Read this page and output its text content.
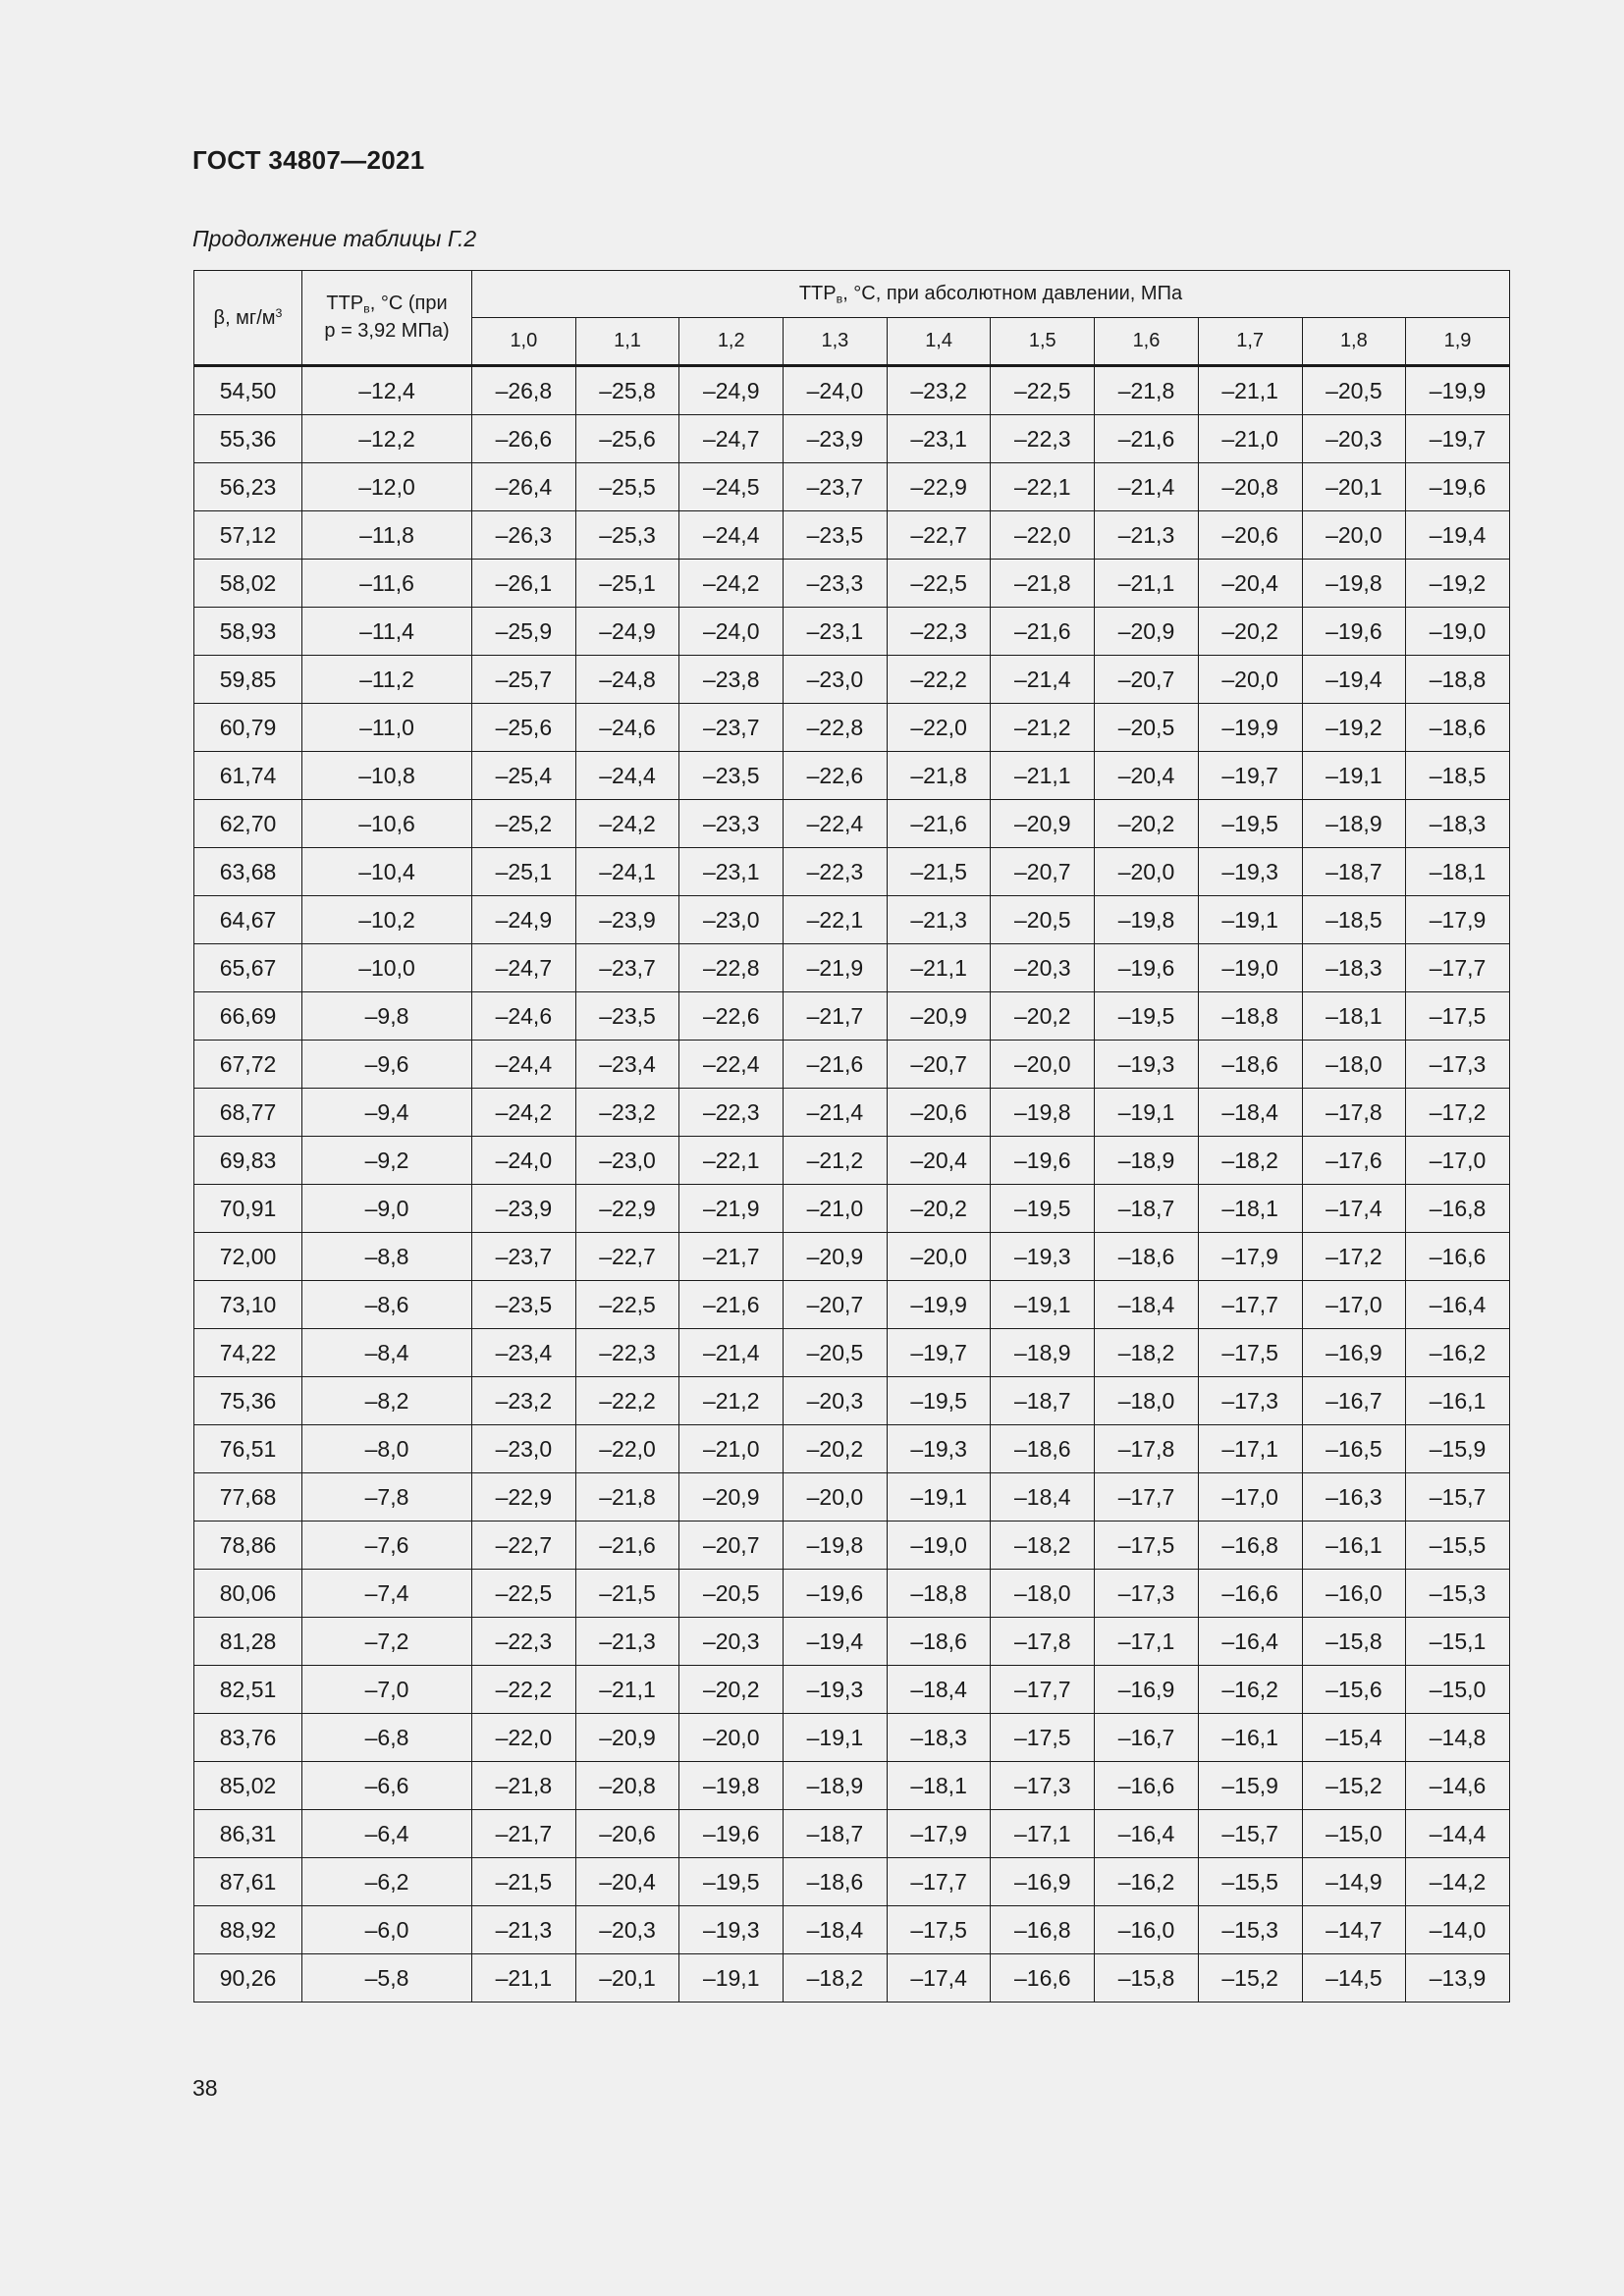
ГОСТ 34807—2021
Продолжение таблицы Г.2
β, $мг/м^3$	$ТТР_в$, °С (при
p = 3,92 МПа)	$ТТР_в$, °С, при абсолютном давлении, МПа									
		1,0	1,1	1,2	1,3	1,4	1,5	1,6	1,7	1,8	1,9
54,50	–12,4	–26,8	–25,8	–24,9	–24,0	–23,2	–22,5	–21,8	–21,1	–20,5	–19,9
55,36	–12,2	–26,6	–25,6	–24,7	–23,9	–23,1	–22,3	–21,6	–21,0	–20,3	–19,7
56,23	–12,0	–26,4	–25,5	–24,5	–23,7	–22,9	–22,1	–21,4	–20,8	–20,1	–19,6
57,12	–11,8	–26,3	–25,3	–24,4	–23,5	–22,7	–22,0	–21,3	–20,6	–20,0	–19,4
58,02	–11,6	–26,1	–25,1	–24,2	–23,3	–22,5	–21,8	–21,1	–20,4	–19,8	–19,2
58,93	–11,4	–25,9	–24,9	–24,0	–23,1	–22,3	–21,6	–20,9	–20,2	–19,6	–19,0
59,85	–11,2	–25,7	–24,8	–23,8	–23,0	–22,2	–21,4	–20,7	–20,0	–19,4	–18,8
60,79	–11,0	–25,6	–24,6	–23,7	–22,8	–22,0	–21,2	–20,5	–19,9	–19,2	–18,6
61,74	–10,8	–25,4	–24,4	–23,5	–22,6	–21,8	–21,1	–20,4	–19,7	–19,1	–18,5
62,70	–10,6	–25,2	–24,2	–23,3	–22,4	–21,6	–20,9	–20,2	–19,5	–18,9	–18,3
63,68	–10,4	–25,1	–24,1	–23,1	–22,3	–21,5	–20,7	–20,0	–19,3	–18,7	–18,1
64,67	–10,2	–24,9	–23,9	–23,0	–22,1	–21,3	–20,5	–19,8	–19,1	–18,5	–17,9
65,67	–10,0	–24,7	–23,7	–22,8	–21,9	–21,1	–20,3	–19,6	–19,0	–18,3	–17,7
66,69	–9,8	–24,6	–23,5	–22,6	–21,7	–20,9	–20,2	–19,5	–18,8	–18,1	–17,5
67,72	–9,6	–24,4	–23,4	–22,4	–21,6	–20,7	–20,0	–19,3	–18,6	–18,0	–17,3
68,77	–9,4	–24,2	–23,2	–22,3	–21,4	–20,6	–19,8	–19,1	–18,4	–17,8	–17,2
69,83	–9,2	–24,0	–23,0	–22,1	–21,2	–20,4	–19,6	–18,9	–18,2	–17,6	–17,0
70,91	–9,0	–23,9	–22,9	–21,9	–21,0	–20,2	–19,5	–18,7	–18,1	–17,4	–16,8
72,00	–8,8	–23,7	–22,7	–21,7	–20,9	–20,0	–19,3	–18,6	–17,9	–17,2	–16,6
73,10	–8,6	–23,5	–22,5	–21,6	–20,7	–19,9	–19,1	–18,4	–17,7	–17,0	–16,4
74,22	–8,4	–23,4	–22,3	–21,4	–20,5	–19,7	–18,9	–18,2	–17,5	–16,9	–16,2
75,36	–8,2	–23,2	–22,2	–21,2	–20,3	–19,5	–18,7	–18,0	–17,3	–16,7	–16,1
76,51	–8,0	–23,0	–22,0	–21,0	–20,2	–19,3	–18,6	–17,8	–17,1	–16,5	–15,9
77,68	–7,8	–22,9	–21,8	–20,9	–20,0	–19,1	–18,4	–17,7	–17,0	–16,3	–15,7
78,86	–7,6	–22,7	–21,6	–20,7	–19,8	–19,0	–18,2	–17,5	–16,8	–16,1	–15,5
80,06	–7,4	–22,5	–21,5	–20,5	–19,6	–18,8	–18,0	–17,3	–16,6	–16,0	–15,3
81,28	–7,2	–22,3	–21,3	–20,3	–19,4	–18,6	–17,8	–17,1	–16,4	–15,8	–15,1
82,51	–7,0	–22,2	–21,1	–20,2	–19,3	–18,4	–17,7	–16,9	–16,2	–15,6	–15,0
83,76	–6,8	–22,0	–20,9	–20,0	–19,1	–18,3	–17,5	–16,7	–16,1	–15,4	–14,8
85,02	–6,6	–21,8	–20,8	–19,8	–18,9	–18,1	–17,3	–16,6	–15,9	–15,2	–14,6
86,31	–6,4	–21,7	–20,6	–19,6	–18,7	–17,9	–17,1	–16,4	–15,7	–15,0	–14,4
87,61	–6,2	–21,5	–20,4	–19,5	–18,6	–17,7	–16,9	–16,2	–15,5	–14,9	–14,2
88,92	–6,0	–21,3	–20,3	–19,3	–18,4	–17,5	–16,8	–16,0	–15,3	–14,7	–14,0
90,26	–5,8	–21,1	–20,1	–19,1	–18,2	–17,4	–16,6	–15,8	–15,2	–14,5	–13,9
38
